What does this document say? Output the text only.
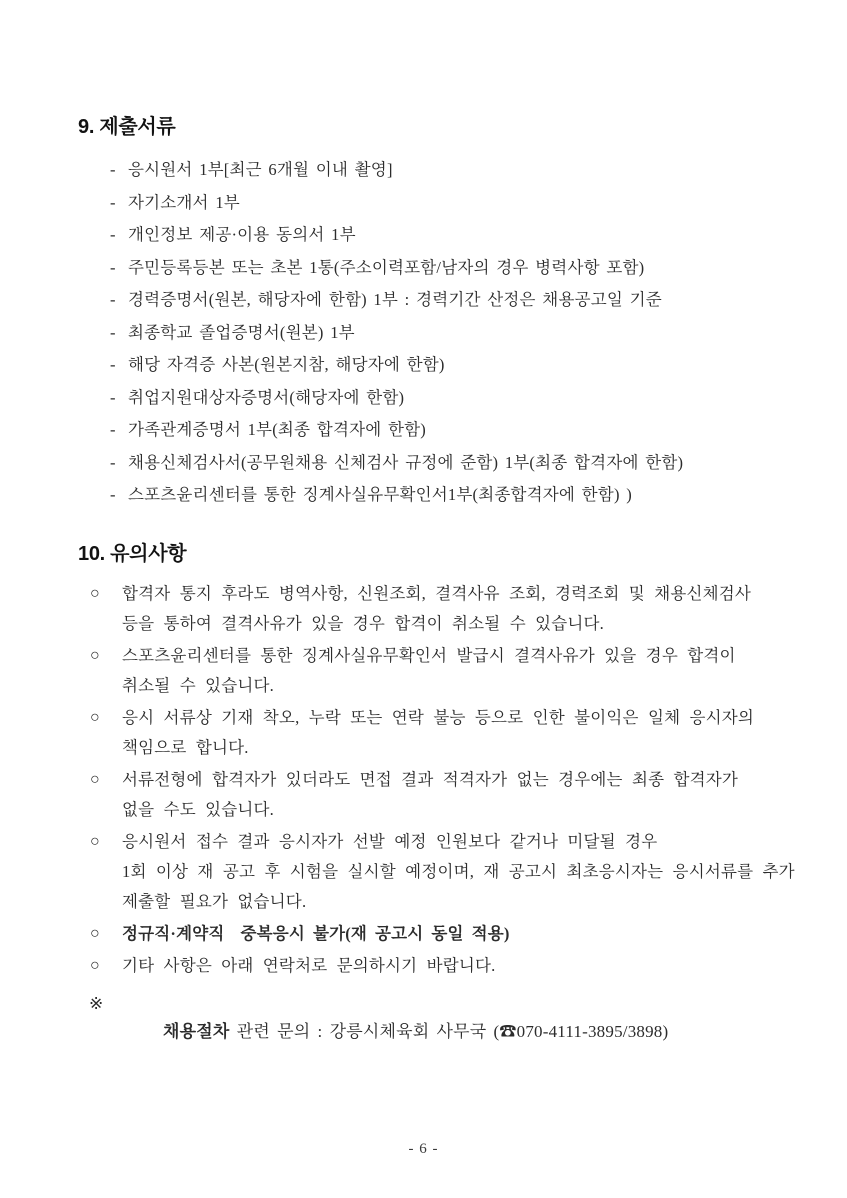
9. 제출서류
- 응시원서 1부[최근 6개월 이내 촬영]
- 자기소개서 1부
- 개인정보 제공·이용 동의서 1부
- 주민등록등본 또는 초본 1통(주소이력포함/남자의 경우 병력사항 포함)
- 경력증명서(원본, 해당자에 한함) 1부 : 경력기간 산정은 채용공고일 기준
- 최종학교 졸업증명서(원본) 1부
- 해당 자격증 사본(원본지참, 해당자에 한함)
- 취업지원대상자증명서(해당자에 한함)
- 가족관계증명서 1부(최종 합격자에 한함)
- 채용신체검사서(공무원채용 신체검사 규정에 준함) 1부(최종 합격자에 한함)
- 스포츠윤리센터를 통한 징계사실유무확인서1부(최종합격자에 한함) )
10. 유의사항
○ 합격자 통지 후라도 병역사항, 신원조회, 결격사유 조회, 경력조회 및 채용신체검사
등을 통하여 결격사유가 있을 경우 합격이 취소될 수 있습니다.
○ 스포츠윤리센터를 통한 징계사실유무확인서 발급시 결격사유가 있을 경우 합격이
취소될 수 있습니다.
○ 응시 서류상 기재 착오, 누락 또는 연락 불능 등으로 인한 불이익은 일체 응시자의
책임으로 합니다.
○ 서류전형에 합격자가 있더라도 면접 결과 적격자가 없는 경우에는 최종 합격자가
없을 수도 있습니다.
○ 응시원서 접수 결과 응시자가 선발 예정 인원보다 같거나 미달될 경우
1회 이상 재 공고 후 시험을 실시할 예정이며, 재 공고시 최초응시자는 응시서류를 추가
제출할 필요가 없습니다.
○ 정규직·계약직  중복응시 불가(재 공고시 동일 적용)
○ 기타 사항은 아래 연락처로 문의하시기 바랍니다.

※
채용절차 관련 문의 : 강릉시체육회 사무국 (☎070-4111-3895/3898)

- 6 -
